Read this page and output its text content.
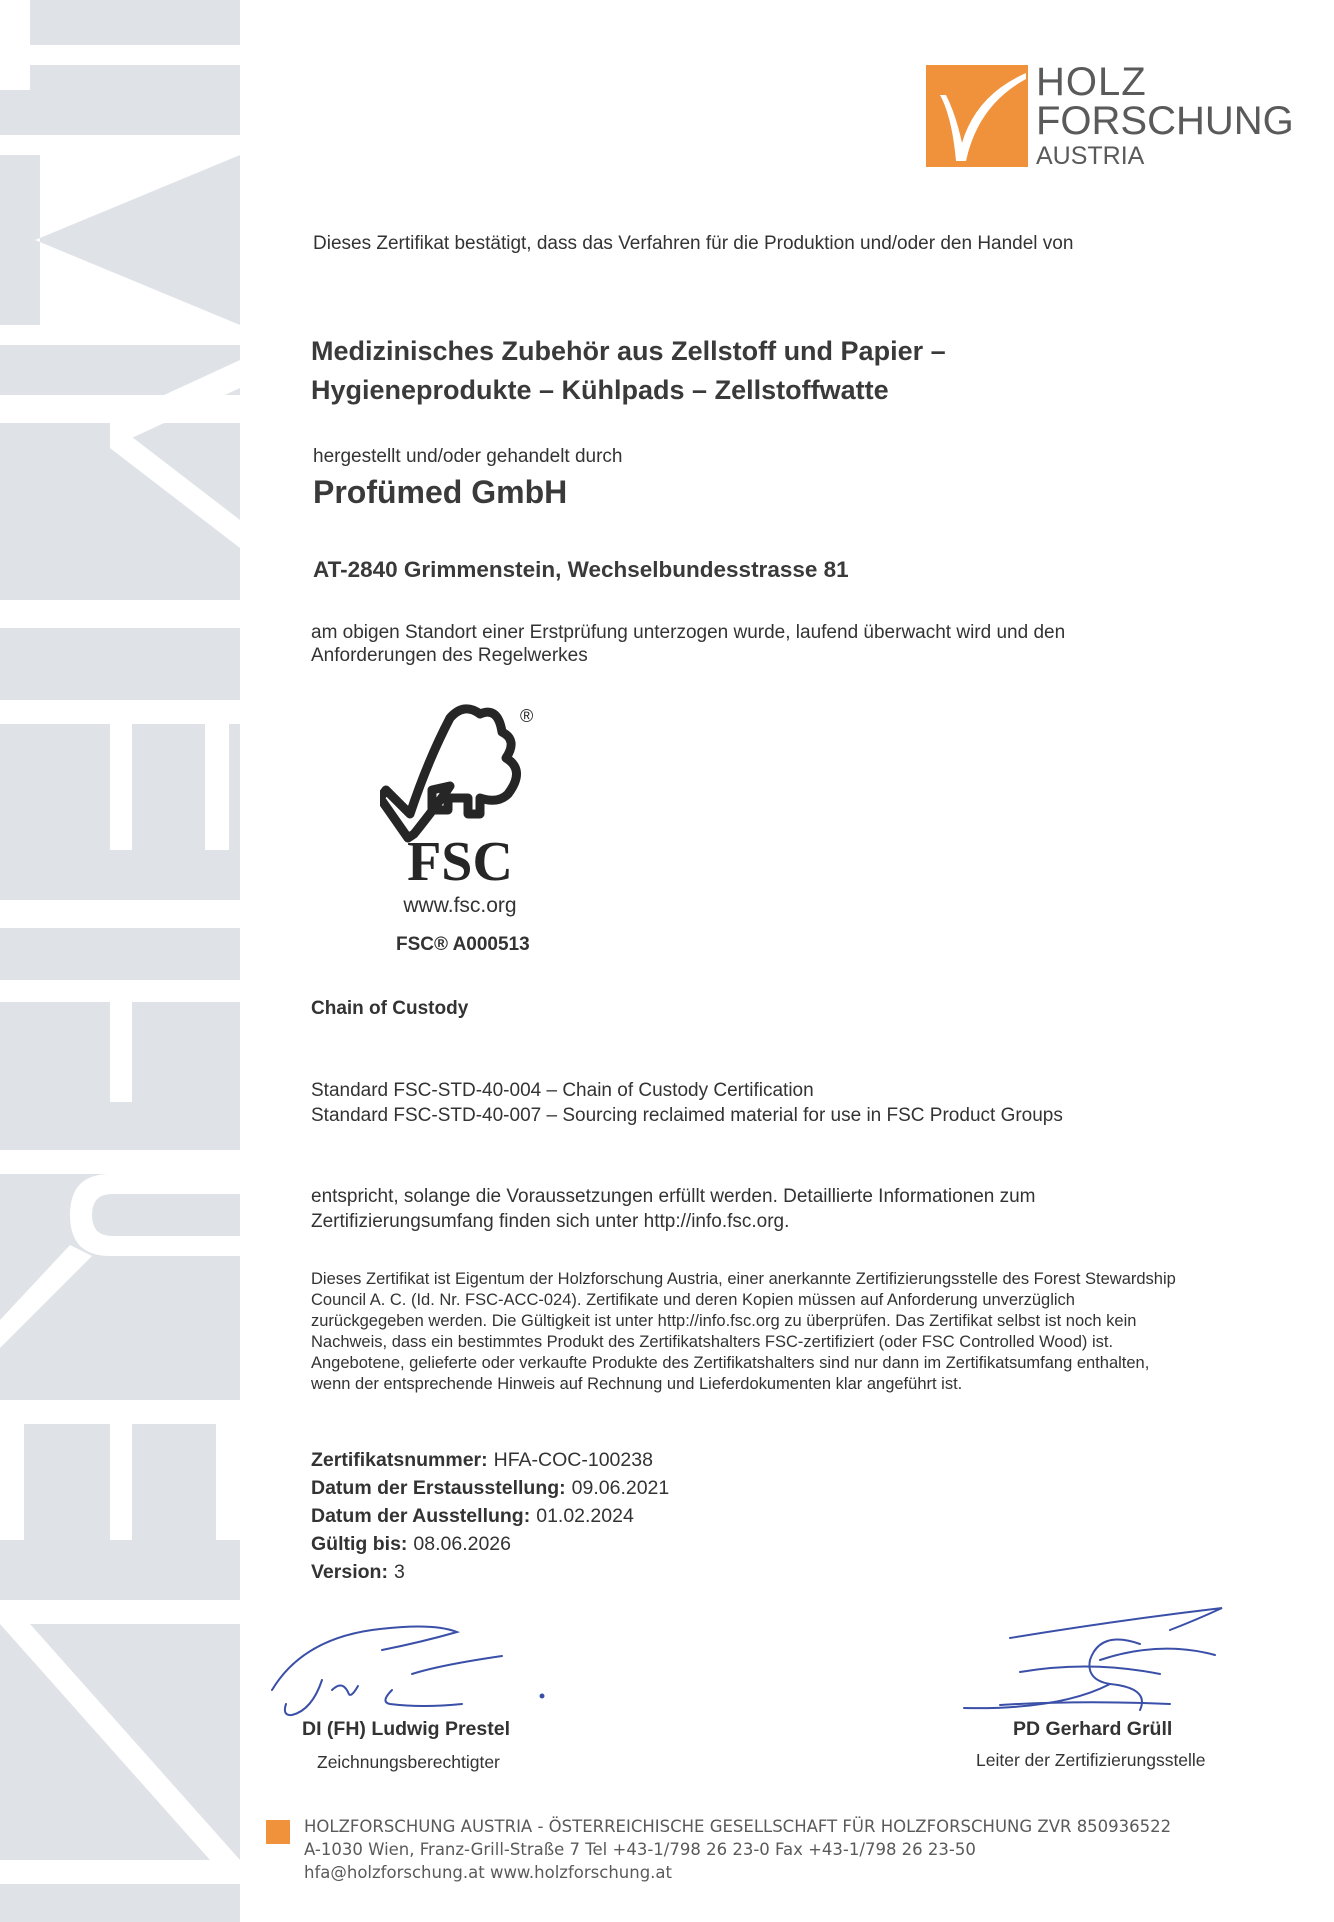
HOLZ
FORSCHUNG
AUSTRIA
Dieses Zertifikat bestätigt, dass das Verfahren für die Produktion und/oder den Handel von
Medizinisches Zubehör aus Zellstoff und Papier –
Hygieneprodukte – Kühlpads – Zellstoffwatte
hergestellt und/oder gehandelt durch
Profümed GmbH
AT-2840 Grimmenstein, Wechselbundesstrasse 81
am obigen Standort einer Erstprüfung unterzogen wurde, laufend überwacht wird und den
Anforderungen des Regelwerkes
®
FSC
www.fsc.org
FSC® A000513
Chain of Custody
Standard FSC-STD-40-004 – Chain of Custody Certification
Standard FSC-STD-40-007 – Sourcing reclaimed material for use in FSC Product Groups
entspricht, solange die Voraussetzungen erfüllt werden. Detaillierte Informationen zum
Zertifizierungsumfang finden sich unter http://info.fsc.org.
Dieses Zertifikat ist Eigentum der Holzforschung Austria, einer anerkannte Zertifizierungsstelle des Forest Stewardship
Council A. C. (Id. Nr. FSC-ACC-024). Zertifikate und deren Kopien müssen auf Anforderung unverzüglich
zurückgegeben werden. Die Gültigkeit ist unter http://info.fsc.org zu überprüfen. Das Zertifikat selbst ist noch kein
Nachweis, dass ein bestimmtes Produkt des Zertifikatshalters FSC-zertifiziert (oder FSC Controlled Wood) ist.
Angebotene, gelieferte oder verkaufte Produkte des Zertifikatshalters sind nur dann im Zertifikatsumfang enthalten,
wenn der entsprechende Hinweis auf Rechnung und Lieferdokumenten klar angeführt ist.
Zertifikatsnummer: HFA-COC-100238
Datum der Erstausstellung: 09.06.2021
Datum der Ausstellung: 01.02.2024
Gültig bis: 08.06.2026
Version: 3
DI (FH) Ludwig Prestel
Zeichnungsberechtigter
PD Gerhard Grüll
Leiter der Zertifizierungsstelle
HOLZFORSCHUNG AUSTRIA - ÖSTERREICHISCHE GESELLSCHAFT FÜR HOLZFORSCHUNG ZVR 850936522
A-1030 Wien, Franz-Grill-Straße 7 Tel +43-1/798 26 23-0 Fax +43-1/798 26 23-50
hfa@holzforschung.at www.holzforschung.at
